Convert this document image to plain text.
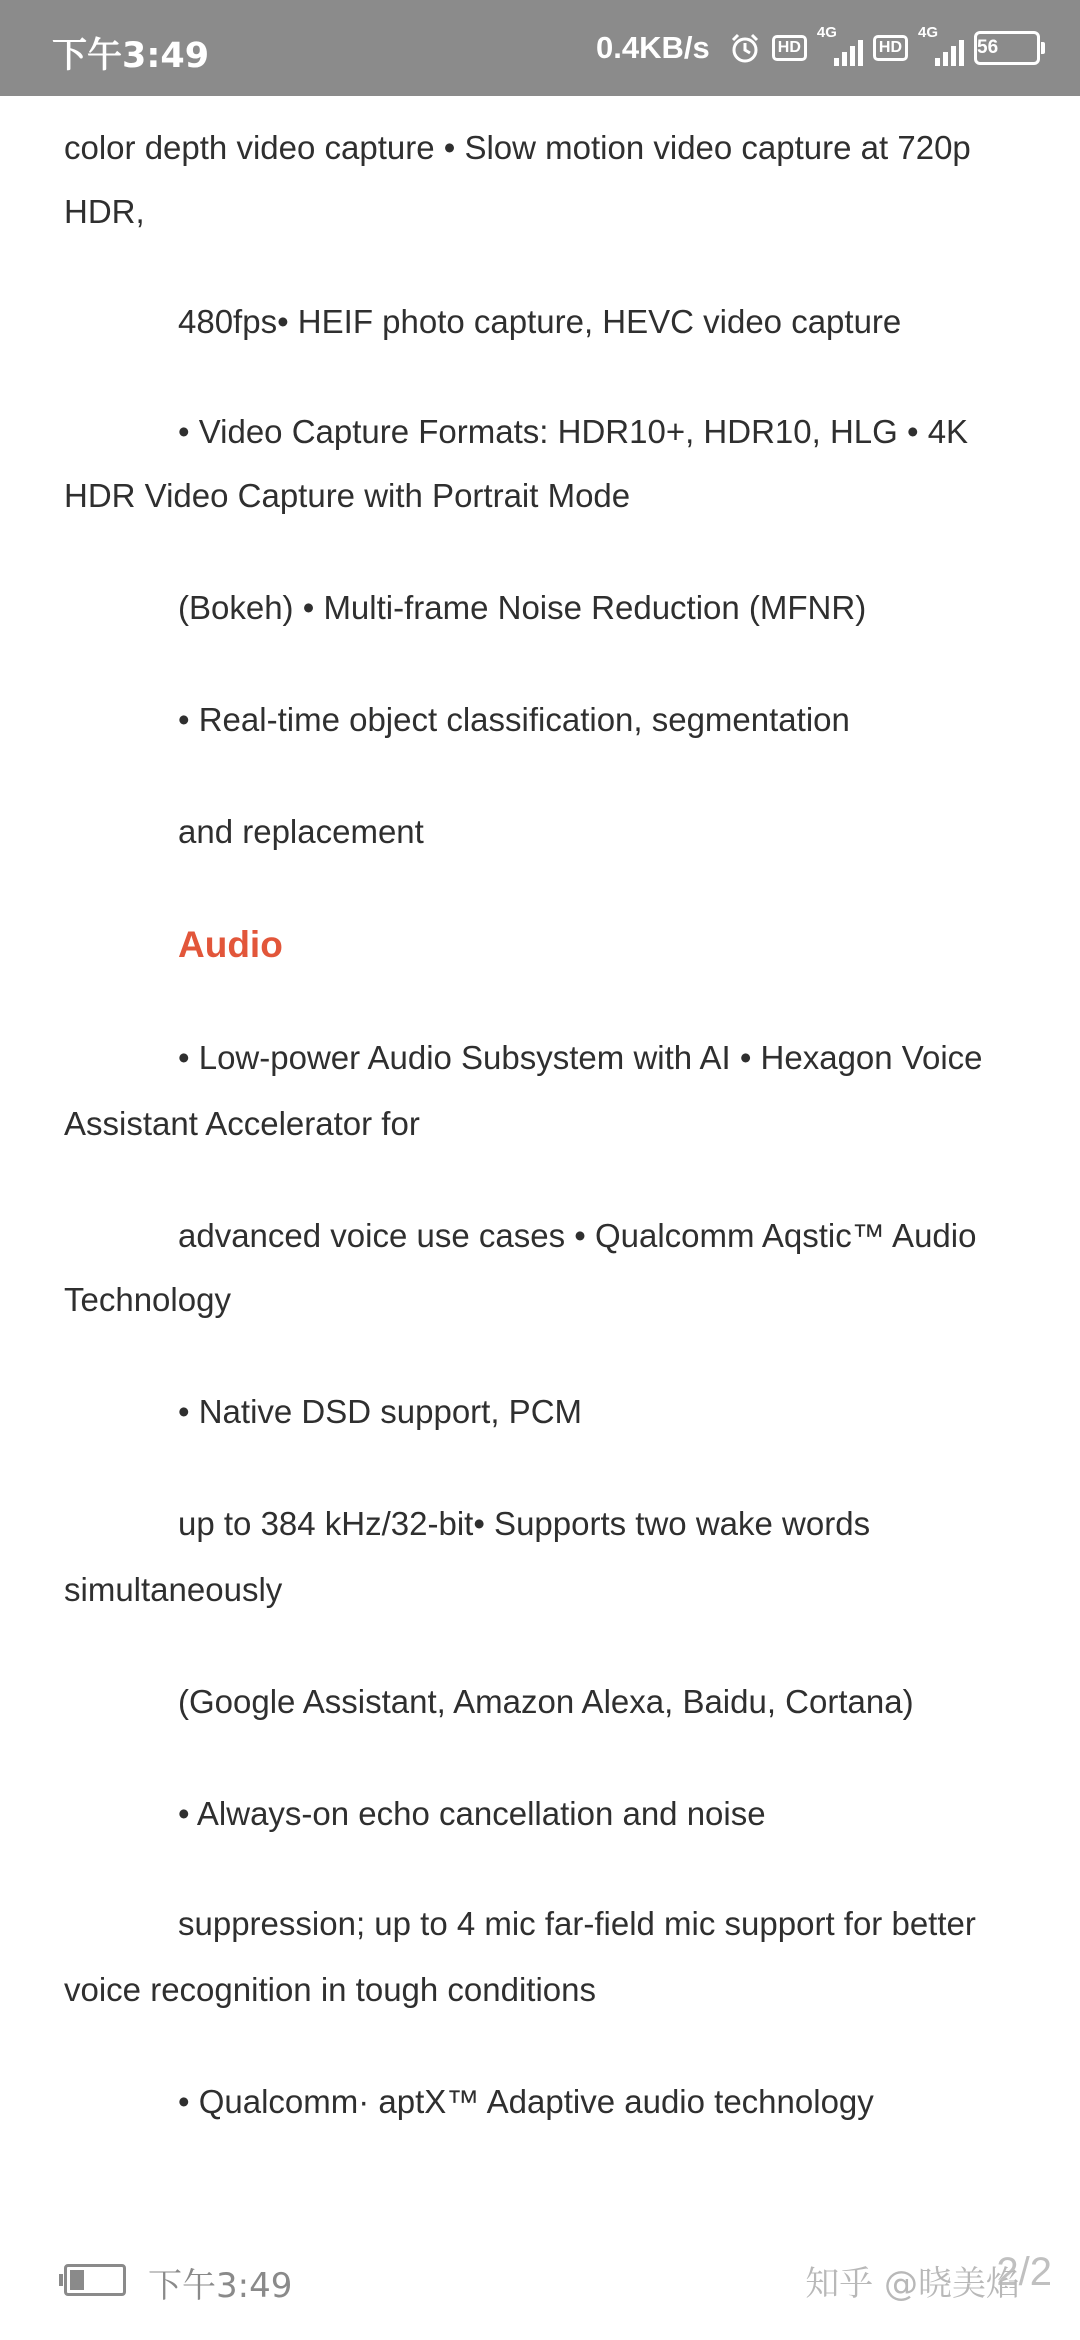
下午3:49	0.4KB/s	HD
4G
HD
4G
56
color depth video capture • Slow motion video capture at 720p
HDR,
480fps• HEIF photo capture, HEVC video capture
• Video Capture Formats: HDR10+, HDR10, HLG • 4K
HDR Video Capture with Portrait Mode
(Bokeh) • Multi-frame Noise Reduction (MFNR)
• Real-time object classification, segmentation
and replacement
Audio
• Low-power Audio Subsystem with AI • Hexagon Voice
Assistant Accelerator for
advanced voice use cases • Qualcomm Aqstic™ Audio
Technology
• Native DSD support, PCM
up to 384 kHz/32-bit• Supports two wake words
simultaneously
(Google Assistant, Amazon Alexa, Baidu, Cortana)
• Always-on echo cancellation and noise
suppression; up to 4 mic far-field mic support for better
voice recognition in tough conditions
• Qualcomm· aptX™ Adaptive audio technology
下午3:49	2/2
知乎 @晓美焰
